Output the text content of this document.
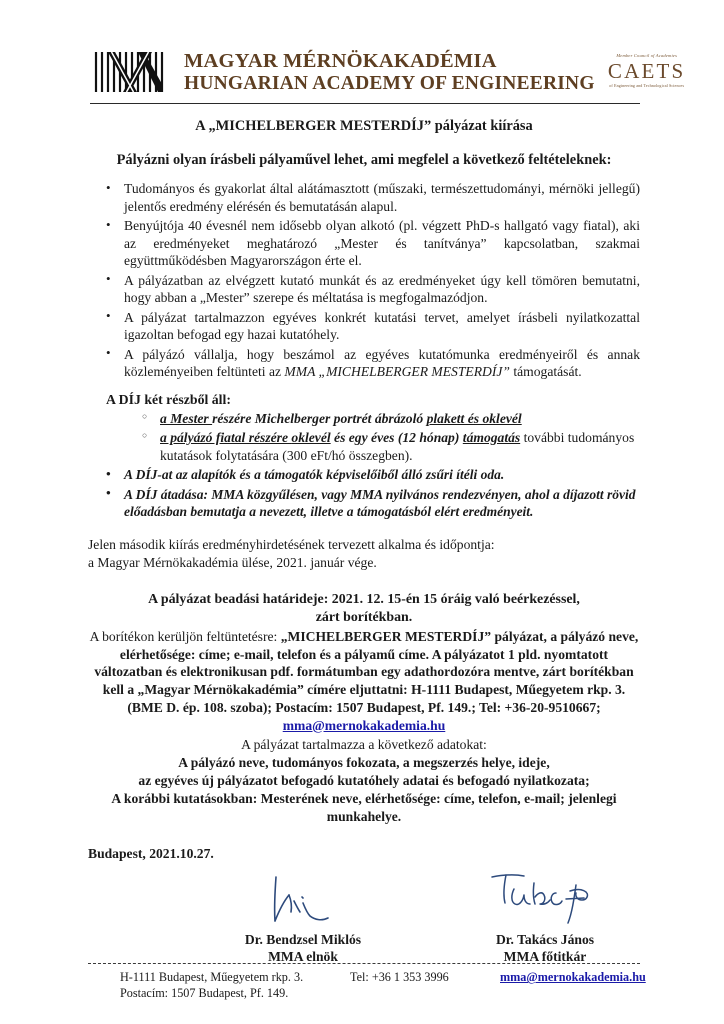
MAGYAR MÉRNÖKAKADÉMIA
HUNGARIAN ACADEMY OF ENGINEERING
Member Council of Academies
CAETS
of Engineering and Technological Sciences
A „MICHELBERGER MESTERDÍJ” pályázat kiírása
Pályázni olyan írásbeli pályaművel lehet, ami megfelel a következő feltételeknek:
• Tudományos és gyakorlat által alátámasztott (műszaki, természettudományi, mérnöki jellegű) jelentős eredmény elérésén és bemutatásán alapul.
• Benyújtója 40 évesnél nem idősebb olyan alkotó (pl. végzett PhD-s hallgató vagy fiatal), aki az eredményeket meghatározó „Mester és tanítványa” kapcsolatban, szakmai együttműködésben Magyarországon érte el.
• A pályázatban az elvégzett kutató munkát és az eredményeket úgy kell tömören bemutatni, hogy abban a „Mester” szerepe és méltatása is megfogalmazódjon.
• A pályázat tartalmazzon egyéves konkrét kutatási tervet, amelyet írásbeli nyilatkozattal igazoltan befogad egy hazai kutatóhely.
• A pályázó vállalja, hogy beszámol az egyéves kutatómunka eredményeiről és annak közleményeiben feltünteti az MMA „MICHELBERGER MESTERDÍJ” támogatását.
A DÍJ két részből áll:
○ a Mester részére Michelberger portrét ábrázoló plakett és oklevél
○ a pályázó fiatal részére oklevél és egy éves (12 hónap) támogatás további tudományos kutatások folytatására (300 eFt/hó összegben).
• A DÍJ-at az alapítók és a támogatók képviselőiből álló zsűri ítéli oda.
• A DÍJ átadása: MMA közgyűlésen, vagy MMA nyilvános rendezvényen, ahol a díjazott rövid előadásban bemutatja a nevezett, illetve a támogatásból elért eredményeit.
Jelen második kiírás eredményhirdetésének tervezett alkalma és időpontja:
a Magyar Mérnökakadémia ülése, 2021. január vége.
A pályázat beadási határideje: 2021. 12. 15-én 15 óráig való beérkezéssel,
zárt borítékban.
A borítékon kerüljön feltüntetésre: „MICHELBERGER MESTERDÍJ” pályázat, a pályázó neve, elérhetősége: címe; e-mail, telefon és a pályamű címe. A pályázatot 1 pld. nyomtatott változatban és elektronikusan pdf. formátumban egy adathordozóra mentve, zárt borítékban kell a „Magyar Mérnökakadémia” címére eljuttatni: H-1111 Budapest, Műegyetem rkp. 3. (BME D. ép. 108. szoba); Postacím: 1507 Budapest, Pf. 149.; Tel: +36-20-9510667; mma@mernokakademia.hu
A pályázat tartalmazza a következő adatokat:
A pályázó neve, tudományos fokozata, a megszerzés helye, ideje,
az egyéves új pályázatot befogadó kutatóhely adatai és befogadó nyilatkozata;
A korábbi kutatásokban: Mesterének neve, elérhetősége: címe, telefon, e-mail; jelenlegi
munkahelye.
Budapest, 2021.10.27.
Dr. Bendzsel Miklós
MMA elnök
Dr. Takács János
MMA főtitkár
H-1111 Budapest, Műegyetem rkp. 3.
Postacím: 1507 Budapest, Pf. 149.
Tel: +36 1 353 3996	mma@mernokakademia.hu
